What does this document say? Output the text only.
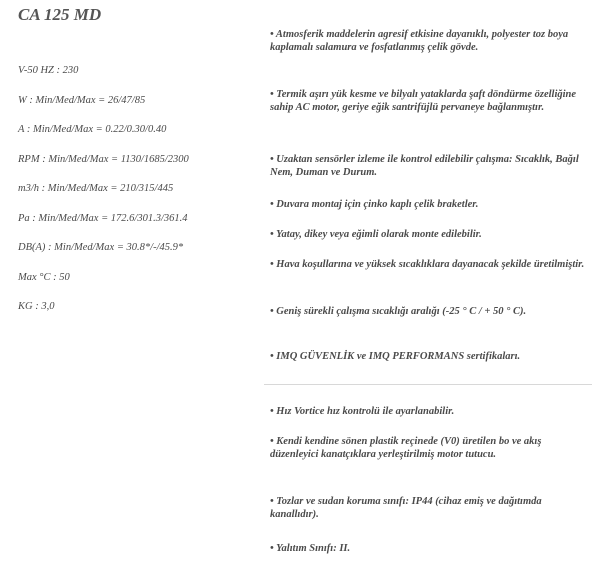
CA 125 MD
V-50 HZ : 230
W : Min/Med/Max = 26/47/85
A : Min/Med/Max = 0.22/0.30/0.40
RPM : Min/Med/Max = 1130/1685/2300
m3/h : Min/Med/Max = 210/315/445
Pa : Min/Med/Max = 172.6/301.3/361.4
DB(A) : Min/Med/Max = 30.8*/-/45.9*
Max °C : 50
KG : 3,0
• Atmosferik maddelerin agresif etkisine dayanıklı, polyester toz boya kaplamalı salamura ve fosfatlanmış çelik gövde.
• Termik aşırı yük kesme ve bilyalı yataklarda şaft döndürme özelliğine sahip AC motor, geriye eğik santrifüjlü pervaneye bağlanmıştır.
• Uzaktan sensörler izleme ile kontrol edilebilir çalışma: Sıcaklık, Bağıl Nem, Duman ve Durum.
• Duvara montaj için çinko kaplı çelik braketler.
• Yatay, dikey veya eğimli olarak monte edilebilir.
• Hava koşullarına ve yüksek sıcaklıklara dayanacak şekilde üretilmiştir.
• Geniş sürekli çalışma sıcaklığı aralığı (-25 ° C / + 50 ° C).
• IMQ GÜVENLİK ve IMQ PERFORMANS sertifikaları.
• Hız Vortice hız kontrolü ile ayarlanabilir.
• Kendi kendine sönen plastik reçinede (V0) üretilen bo ve akış düzenleyici kanatçıklara yerleştirilmiş motor tutucu.
• Tozlar ve sudan koruma sınıfı: IP44 (cihaz emiş ve dağıtımda kanallıdır).
• Yalıtım Sınıfı: II.
